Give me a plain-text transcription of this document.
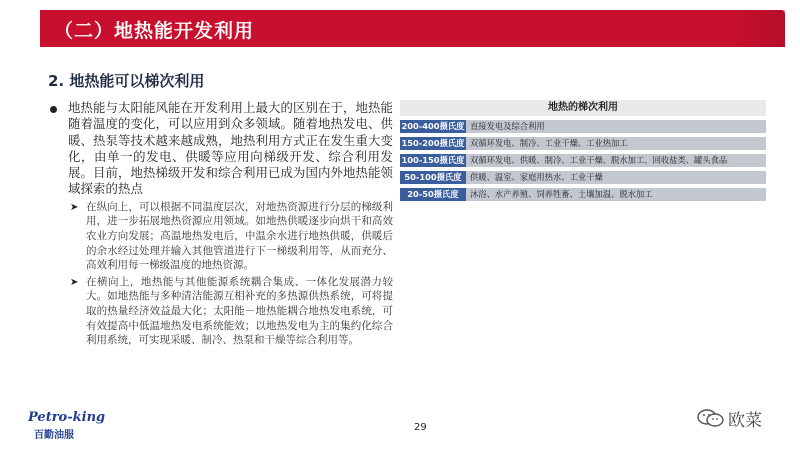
（二）地热能开发利用
2. 地热能可以梯次利用
地热能与太阳能风能在开发利用上最大的区别在于，地热能随着温度的变化，可以应用到众多领域。随着地热发电、供暖、热泵等技术越来越成熟，地热利用方式正在发生重大变化，由单一的发电、供暖等应用向梯级开发、综合利用发展。目前，地热梯级开发和综合利用已成为国内外地热能领域探索的热点
➤ 在纵向上，可以根据不同温度层次，对地热资源进行分层的梯级利用，进一步拓展地热资源应用领域。如地热供暖逐步向烘干和高效农业方向发展；高温地热发电后，中温余水进行地热供暖，供暖后的余水经过处理并输入其他管道进行下一梯级利用等，从而充分、高效利用每一梯级温度的地热资源。
➤ 在横向上，地热能与其他能源系统耦合集成、一体化发展潜力较大。如地热能与多种清洁能源互相补充的多热源供热系统，可将提取的热量经济效益最大化；太阳能－地热能耦合地热发电系统，可有效提高中低温地热发电系统能效；以地热发电为主的集约化综合利用系统，可实现采暖、制冷、热泵和干燥等综合利用等。
地热的梯次利用
200-400摄氏度 直接发电及综合利用
150-200摄氏度 双循环发电、制冷、工业干燥、工业热加工
100-150摄氏度 双循环发电、供暖、制冷、工业干燥、脱水加工、回收盐类、罐头食品
50-100摄氏度	供暖、温室、家庭用热水、工业干燥
20-50摄氏度	沐浴、水产养殖、饲养牲畜、土壤加温、脱水加工
Petro-king
百勤油服
29	欧菜
